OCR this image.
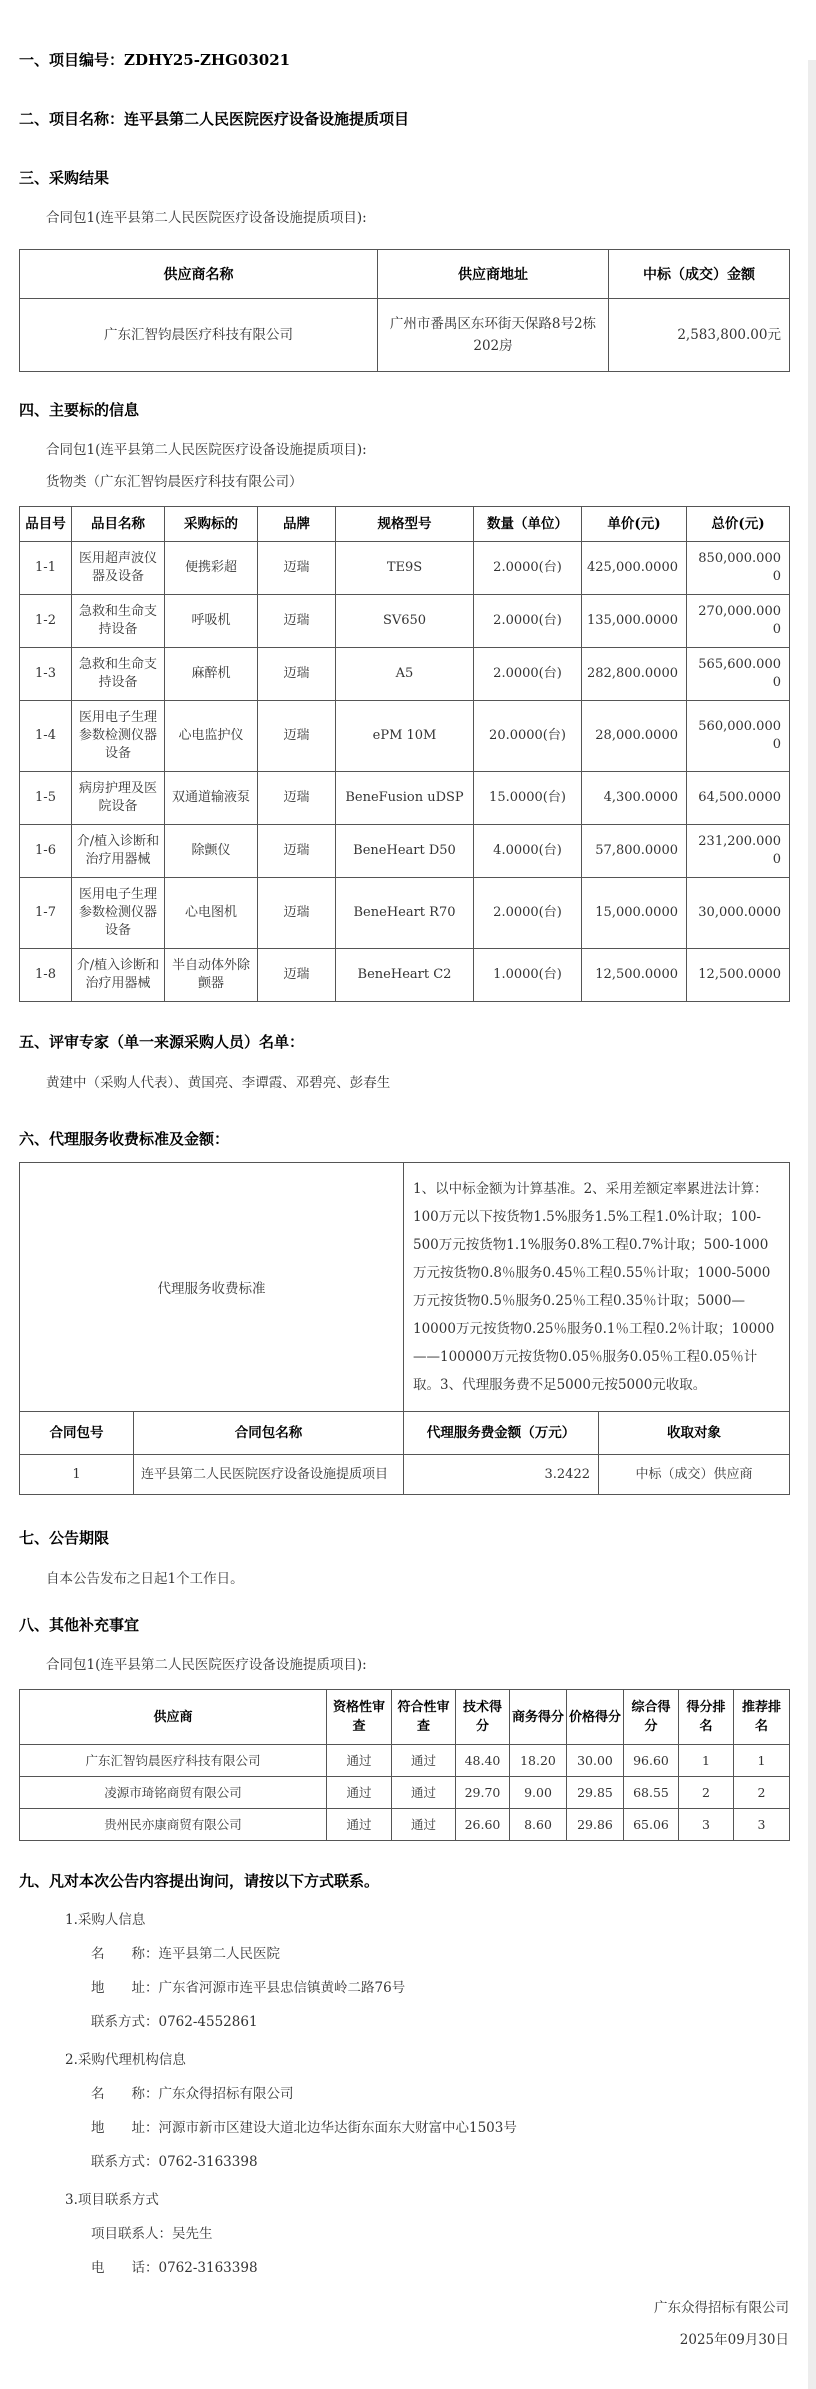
一、项目编号：ZDHY25-ZHG03021
二、项目名称：连平县第二人民医院医疗设备设施提质项目
三、采购结果
合同包1(连平县第二人民医院医疗设备设施提质项目):
供应商名称	供应商地址	中标（成交）金额
广东汇智钧晨医疗科技有限公司	广州市番禺区东环街天保路8号2栋202房	2,583,800.00元
四、主要标的信息
合同包1(连平县第二人民医院医疗设备设施提质项目):
货物类（广东汇智钧晨医疗科技有限公司）
品目号	品目名称	采购标的	品牌	规格型号	数量（单位）	单价(元)	总价(元)
1-1	医用超声波仪器及设备	便携彩超	迈瑞	TE9S	2.0000(台)	425,000.0000	850,000.0000
1-2	急救和生命支持设备	呼吸机	迈瑞	SV650	2.0000(台)	135,000.0000	270,000.0000
1-3	急救和生命支持设备	麻醉机	迈瑞	A5	2.0000(台)	282,800.0000	565,600.0000
1-4	医用电子生理参数检测仪器设备	心电监护仪	迈瑞	ePM 10M	20.0000(台)	28,000.0000	560,000.0000
1-5	病房护理及医院设备	双通道输液泵	迈瑞	BeneFusion uDSP	15.0000(台)	4,300.0000	64,500.0000
1-6	介/植入诊断和治疗用器械	除颤仪	迈瑞	BeneHeart D50	4.0000(台)	57,800.0000	231,200.0000
1-7	医用电子生理参数检测仪器设备	心电图机	迈瑞	BeneHeart R70	2.0000(台)	15,000.0000	30,000.0000
1-8	介/植入诊断和治疗用器械	半自动体外除颤器	迈瑞	BeneHeart C2	1.0000(台)	12,500.0000	12,500.0000
五、评审专家（单一来源采购人员）名单：
黄建中（采购人代表）、黄国亮、李谭霞、邓碧亮、彭春生
六、代理服务收费标准及金额：
代理服务收费标准	1、以中标金额为计算基准。2、采用差额定率累进法计算：100万元以下按货物1.5%服务1.5%工程1.0%计取；100-500万元按货物1.1%服务0.8%工程0.7%计取；500-1000万元按货物0.8％服务0.45％工程0.55％计取；1000-5000万元按货物0.5％服务0.25％工程0.35％计取；5000—10000万元按货物0.25％服务0.1％工程0.2％计取；10000——100000万元按货物0.05％服务0.05％工程0.05％计取。3、代理服务费不足5000元按5000元收取。
合同包号	合同包名称	代理服务费金额（万元）	收取对象
1	连平县第二人民医院医疗设备设施提质项目	3.2422	中标（成交）供应商
七、公告期限
自本公告发布之日起1个工作日。
八、其他补充事宜
合同包1(连平县第二人民医院医疗设备设施提质项目):
供应商	资格性审查	符合性审查	技术得分	商务得分	价格得分	综合得分	得分排名	推荐排名
广东汇智钧晨医疗科技有限公司	通过	通过	48.40	18.20	30.00	96.60	1	1
凌源市琦铭商贸有限公司	通过	通过	29.70	9.00	29.85	68.55	2	2
贵州民亦康商贸有限公司	通过	通过	26.60	8.60	29.86	65.06	3	3
九、凡对本次公告内容提出询问，请按以下方式联系。
1.采购人信息
名　　称：连平县第二人民医院
地　　址：广东省河源市连平县忠信镇黄岭二路76号
联系方式：0762-4552861
2.采购代理机构信息
名　　称：广东众得招标有限公司
地　　址：河源市新市区建设大道北边华达街东面东大财富中心1503号
联系方式：0762-3163398
3.项目联系方式
项目联系人：吴先生
电　　话：0762-3163398
广东众得招标有限公司
2025年09月30日
